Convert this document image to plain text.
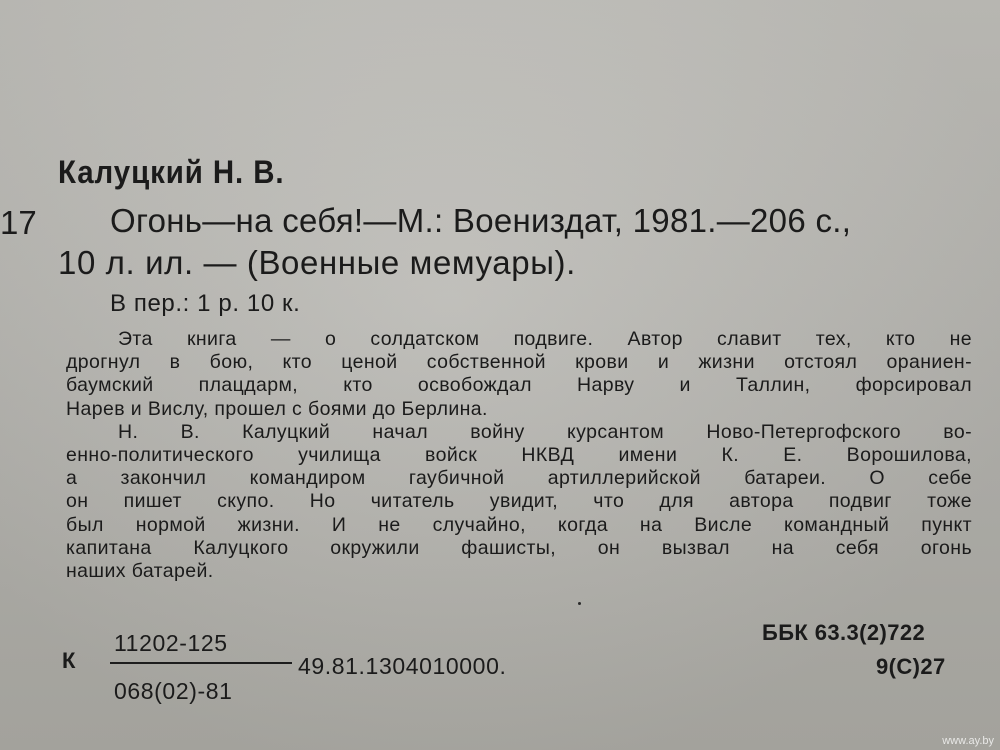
Калуцкий Н. В.
17 Огонь—на себя!—М.: Воениздат, 1981.—206 с.,
10 л. ил. — (Военные мемуары).
В пер.: 1 р. 10 к.
Эта книга — о солдатском подвиге. Автор славит тех, кто не
дрогнул в бою, кто ценой собственной крови и жизни отстоял ораниен-
баумский плацдарм, кто освобождал Нарву и Таллин, форсировал
Нарев и Вислу, прошел с боями до Берлина.
Н. В. Калуцкий начал войну курсантом Ново-Петергофского во-
енно-политического училища войск НКВД имени К. Е. Ворошилова,
а закончил командиром гаубичной артиллерийской батареи. О себе
он пишет скупо. Но читатель увидит, что для автора подвиг тоже
был нормой жизни. И не случайно, когда на Висле командный пункт
капитана Калуцкого окружили фашисты, он вызвал на себя огонь
наших батарей.
К
11202-125
068(02)-81
49.81.1304010000.
ББК 63.3(2)722
9(С)27
www.ay.by
